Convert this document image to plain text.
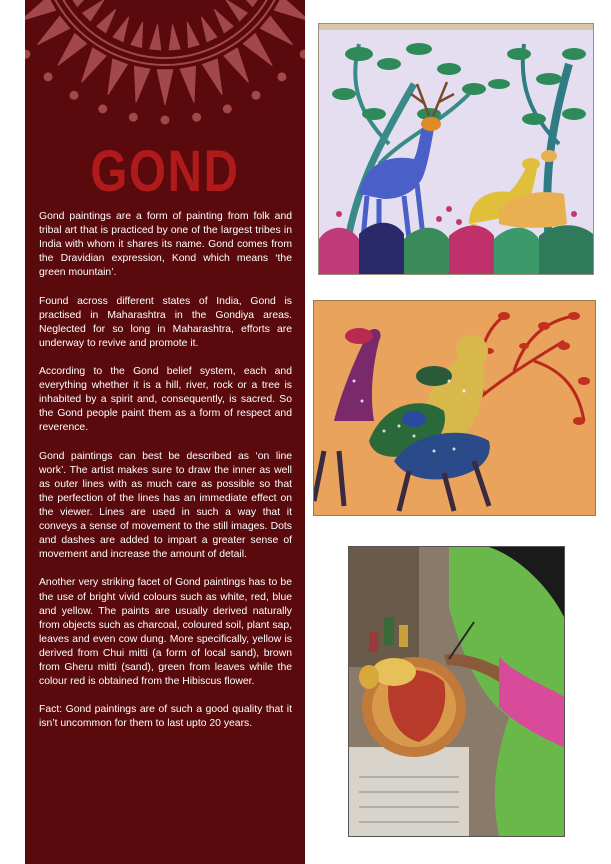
GOND

Gond paintings are a form of painting from folk and tribal art that is practiced by one of the largest tribes in India with whom it shares its name. Gond comes from the Dravidian expression, Kond which means ‘the green mountain’.

Found across different states of India, Gond is practised in Maharashtra in the Gondiya areas. Neglected for so long in Maharashtra, efforts are underway to revive and promote it.

According to the Gond belief system, each and everything whether it is a hill, river, rock or a tree is inhabited by a spirit and, consequently, is sacred. So the Gond people paint them as a form of respect and reverence.

Gond paintings can best be described as ‘on line work’. The artist makes sure to draw the inner as well as outer lines with as much care as possible so that the perfection of the lines has an immediate effect on the viewer. Lines are used in such a way that it conveys a sense of movement to the still images. Dots and dashes are added to impart a greater sense of movement and increase the amount of detail.

Another very striking facet of Gond paintings has to be the use of bright vivid colours such as white, red, blue and yellow. The paints are usually derived naturally from objects such as charcoal, coloured soil, plant sap, leaves and even cow dung. More specifically, yellow is derived from Chui mitti (a form of local sand), brown from Gheru mitti (sand), green from leaves while the colour red is obtained from the Hibiscus flower.

Fact: Gond paintings are of such a good quality that it isn’t uncommon for them to last upto 20 years.
